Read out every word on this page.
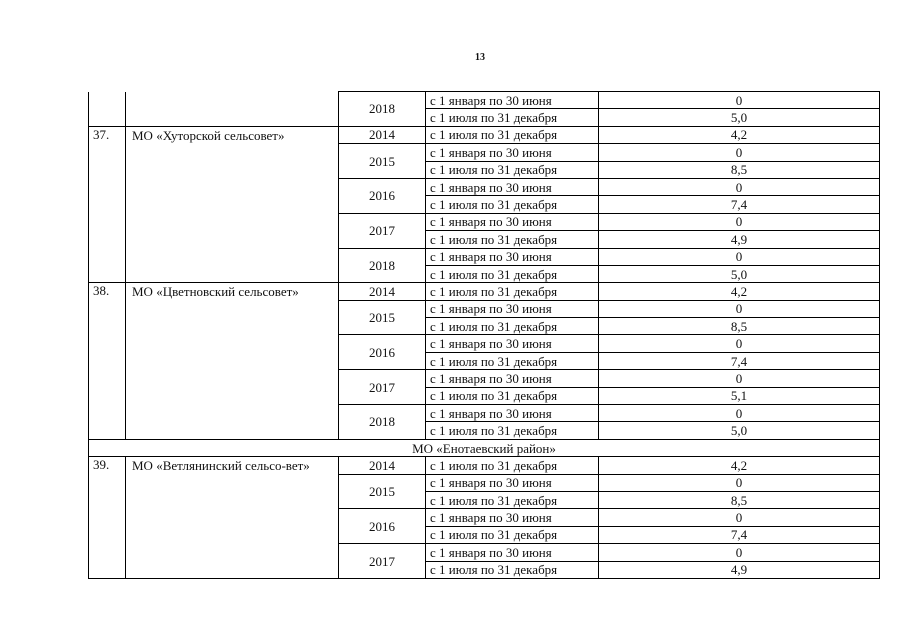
13
		2018	с 1 января по 30 июня	0
			с 1 июля по 31 декабря	5,0
37.	МО «Хуторской сельсовет»	2014	с 1 июля по 31 декабря	4,2
		2015	с 1 января по 30 июня	0
			с 1 июля по 31 декабря	8,5
		2016	с 1 января по 30 июня	0
			с 1 июля по 31 декабря	7,4
		2017	с 1 января по 30 июня	0
			с 1 июля по 31 декабря	4,9
		2018	с 1 января по 30 июня	0
			с 1 июля по 31 декабря	5,0
38.	МО «Цветновский сельсовет»	2014	с 1 июля по 31 декабря	4,2
		2015	с 1 января по 30 июня	0
			с 1 июля по 31 декабря	8,5
		2016	с 1 января по 30 июня	0
			с 1 июля по 31 декабря	7,4
		2017	с 1 января по 30 июня	0
			с 1 июля по 31 декабря	5,1
		2018	с 1 января по 30 июня	0
			с 1 июля по 31 декабря	5,0
МО «Енотаевский район»				
39.	МО «Ветлянинский сельсо-вет»	2014	с 1 июля по 31 декабря	4,2
		2015	с 1 января по 30 июня	0
			с 1 июля по 31 декабря	8,5
		2016	с 1 января по 30 июня	0
			с 1 июля по 31 декабря	7,4
		2017	с 1 января по 30 июня	0
			с 1 июля по 31 декабря	4,9
